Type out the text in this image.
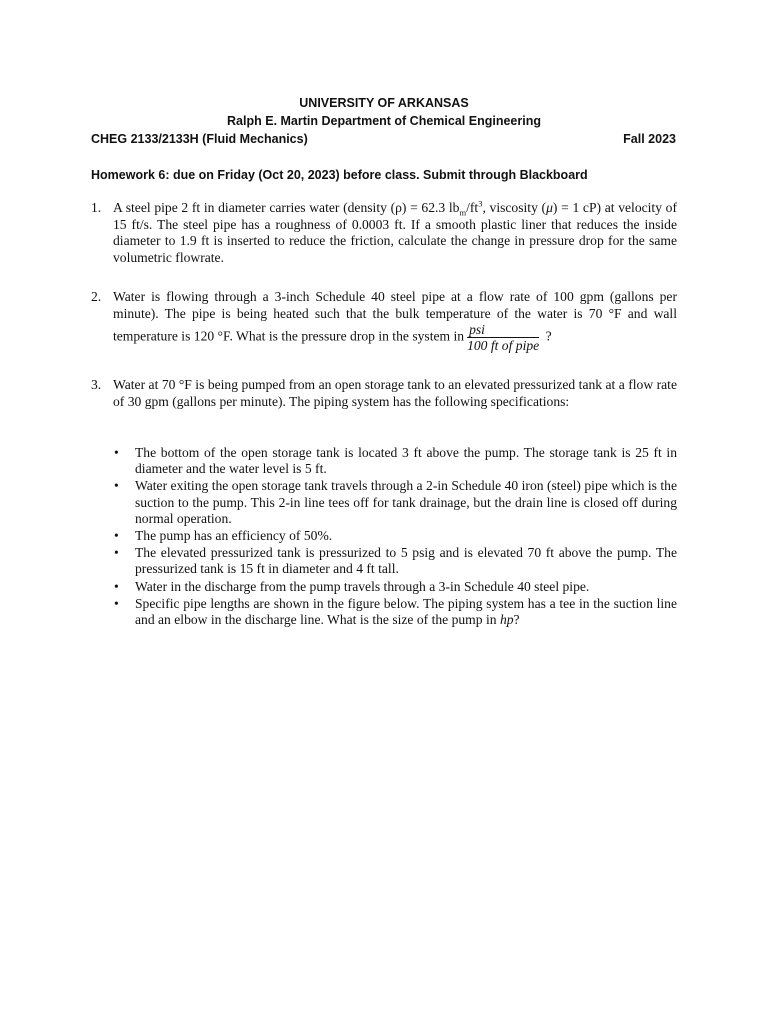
UNIVERSITY OF ARKANSAS
Ralph E. Martin Department of Chemical Engineering
CHEG 2133/2133H (Fluid Mechanics)	Fall 2023
Homework 6: due on Friday (Oct 20, 2023) before class. Submit through Blackboard
1. A steel pipe 2 ft in diameter carries water (density (ρ) = 62.3 $lb_m/ft^3$, viscosity (μ) = 1 cP) at velocity of 15 ft/s. The steel pipe has a roughness of 0.0003 ft. If a smooth plastic liner that reduces the inside diameter to 1.9 ft is inserted to reduce the friction, calculate the change in pressure drop for the same volumetric flowrate.
2. Water is flowing through a 3-inch Schedule 40 steel pipe at a flow rate of 100 gpm (gallons per minute). The pipe is being heated such that the bulk temperature of the water is 70 °F and wall temperature is 120 °F. What is the pressure drop in the system in $\frac{\text{psi}}{\text{100 ft of pipe}}$ ?
3. Water at 70 °F is being pumped from an open storage tank to an elevated pressurized tank at a flow rate of 30 gpm (gallons per minute). The piping system has the following specifications:
• The bottom of the open storage tank is located 3 ft above the pump. The storage tank is 25 ft in diameter and the water level is 5 ft.
• Water exiting the open storage tank travels through a 2-in Schedule 40 iron (steel) pipe which is the suction to the pump. This 2-in line tees off for tank drainage, but the drain line is closed off during normal operation.
• The pump has an efficiency of 50%.
• The elevated pressurized tank is pressurized to 5 psig and is elevated 70 ft above the pump. The pressurized tank is 15 ft in diameter and 4 ft tall.
• Water in the discharge from the pump travels through a 3-in Schedule 40 steel pipe.
• Specific pipe lengths are shown in the figure below. The piping system has a tee in the suction line and an elbow in the discharge line. What is the size of the pump in hp?
